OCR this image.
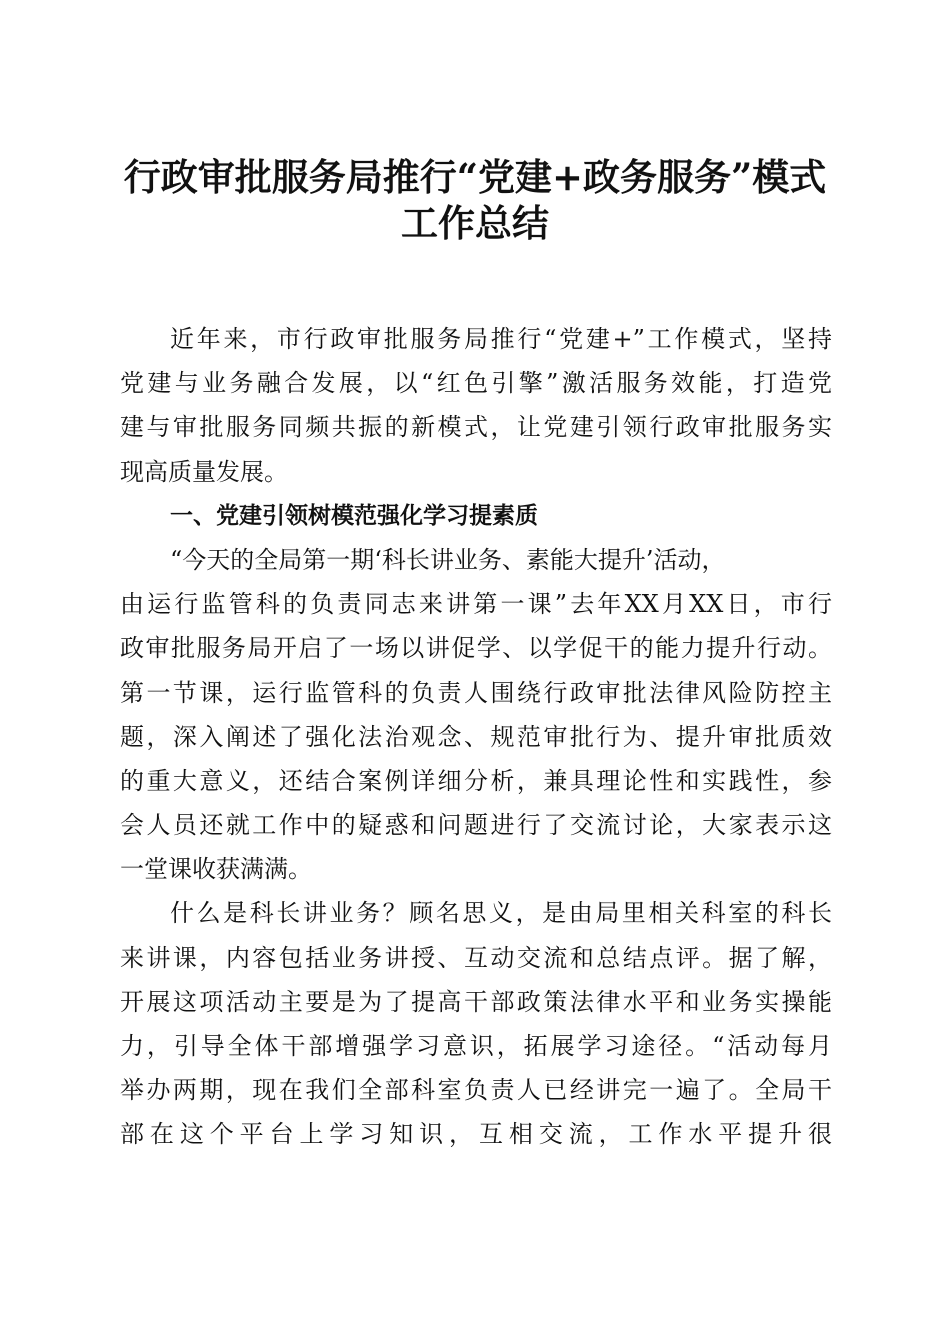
行政审批服务局推行“党建+政务服务”模式
工作总结
近年来，市行政审批服务局推行“党建+”工作模式，坚持
党建与业务融合发展，以“红色引擎”激活服务效能，打造党
建与审批服务同频共振的新模式，让党建引领行政审批服务实
现高质量发展。
一、党建引领树模范强化学习提素质
“今天的全局第一期‘科长讲业务、素能大提升’活动，
由运行监管科的负责同志来讲第一课”去年XX月XX日，市行
政审批服务局开启了一场以讲促学、以学促干的能力提升行动。
第一节课，运行监管科的负责人围绕行政审批法律风险防控主
题，深入阐述了强化法治观念、规范审批行为、提升审批质效
的重大意义，还结合案例详细分析，兼具理论性和实践性，参
会人员还就工作中的疑惑和问题进行了交流讨论，大家表示这
一堂课收获满满。
什么是科长讲业务？顾名思义，是由局里相关科室的科长
来讲课，内容包括业务讲授、互动交流和总结点评。据了解，
开展这项活动主要是为了提高干部政策法律水平和业务实操能
力，引导全体干部增强学习意识，拓展学习途径。“活动每月
举办两期，现在我们全部科室负责人已经讲完一遍了。全局干
部在这个平台上学习知识，互相交流，工作水平提升很
